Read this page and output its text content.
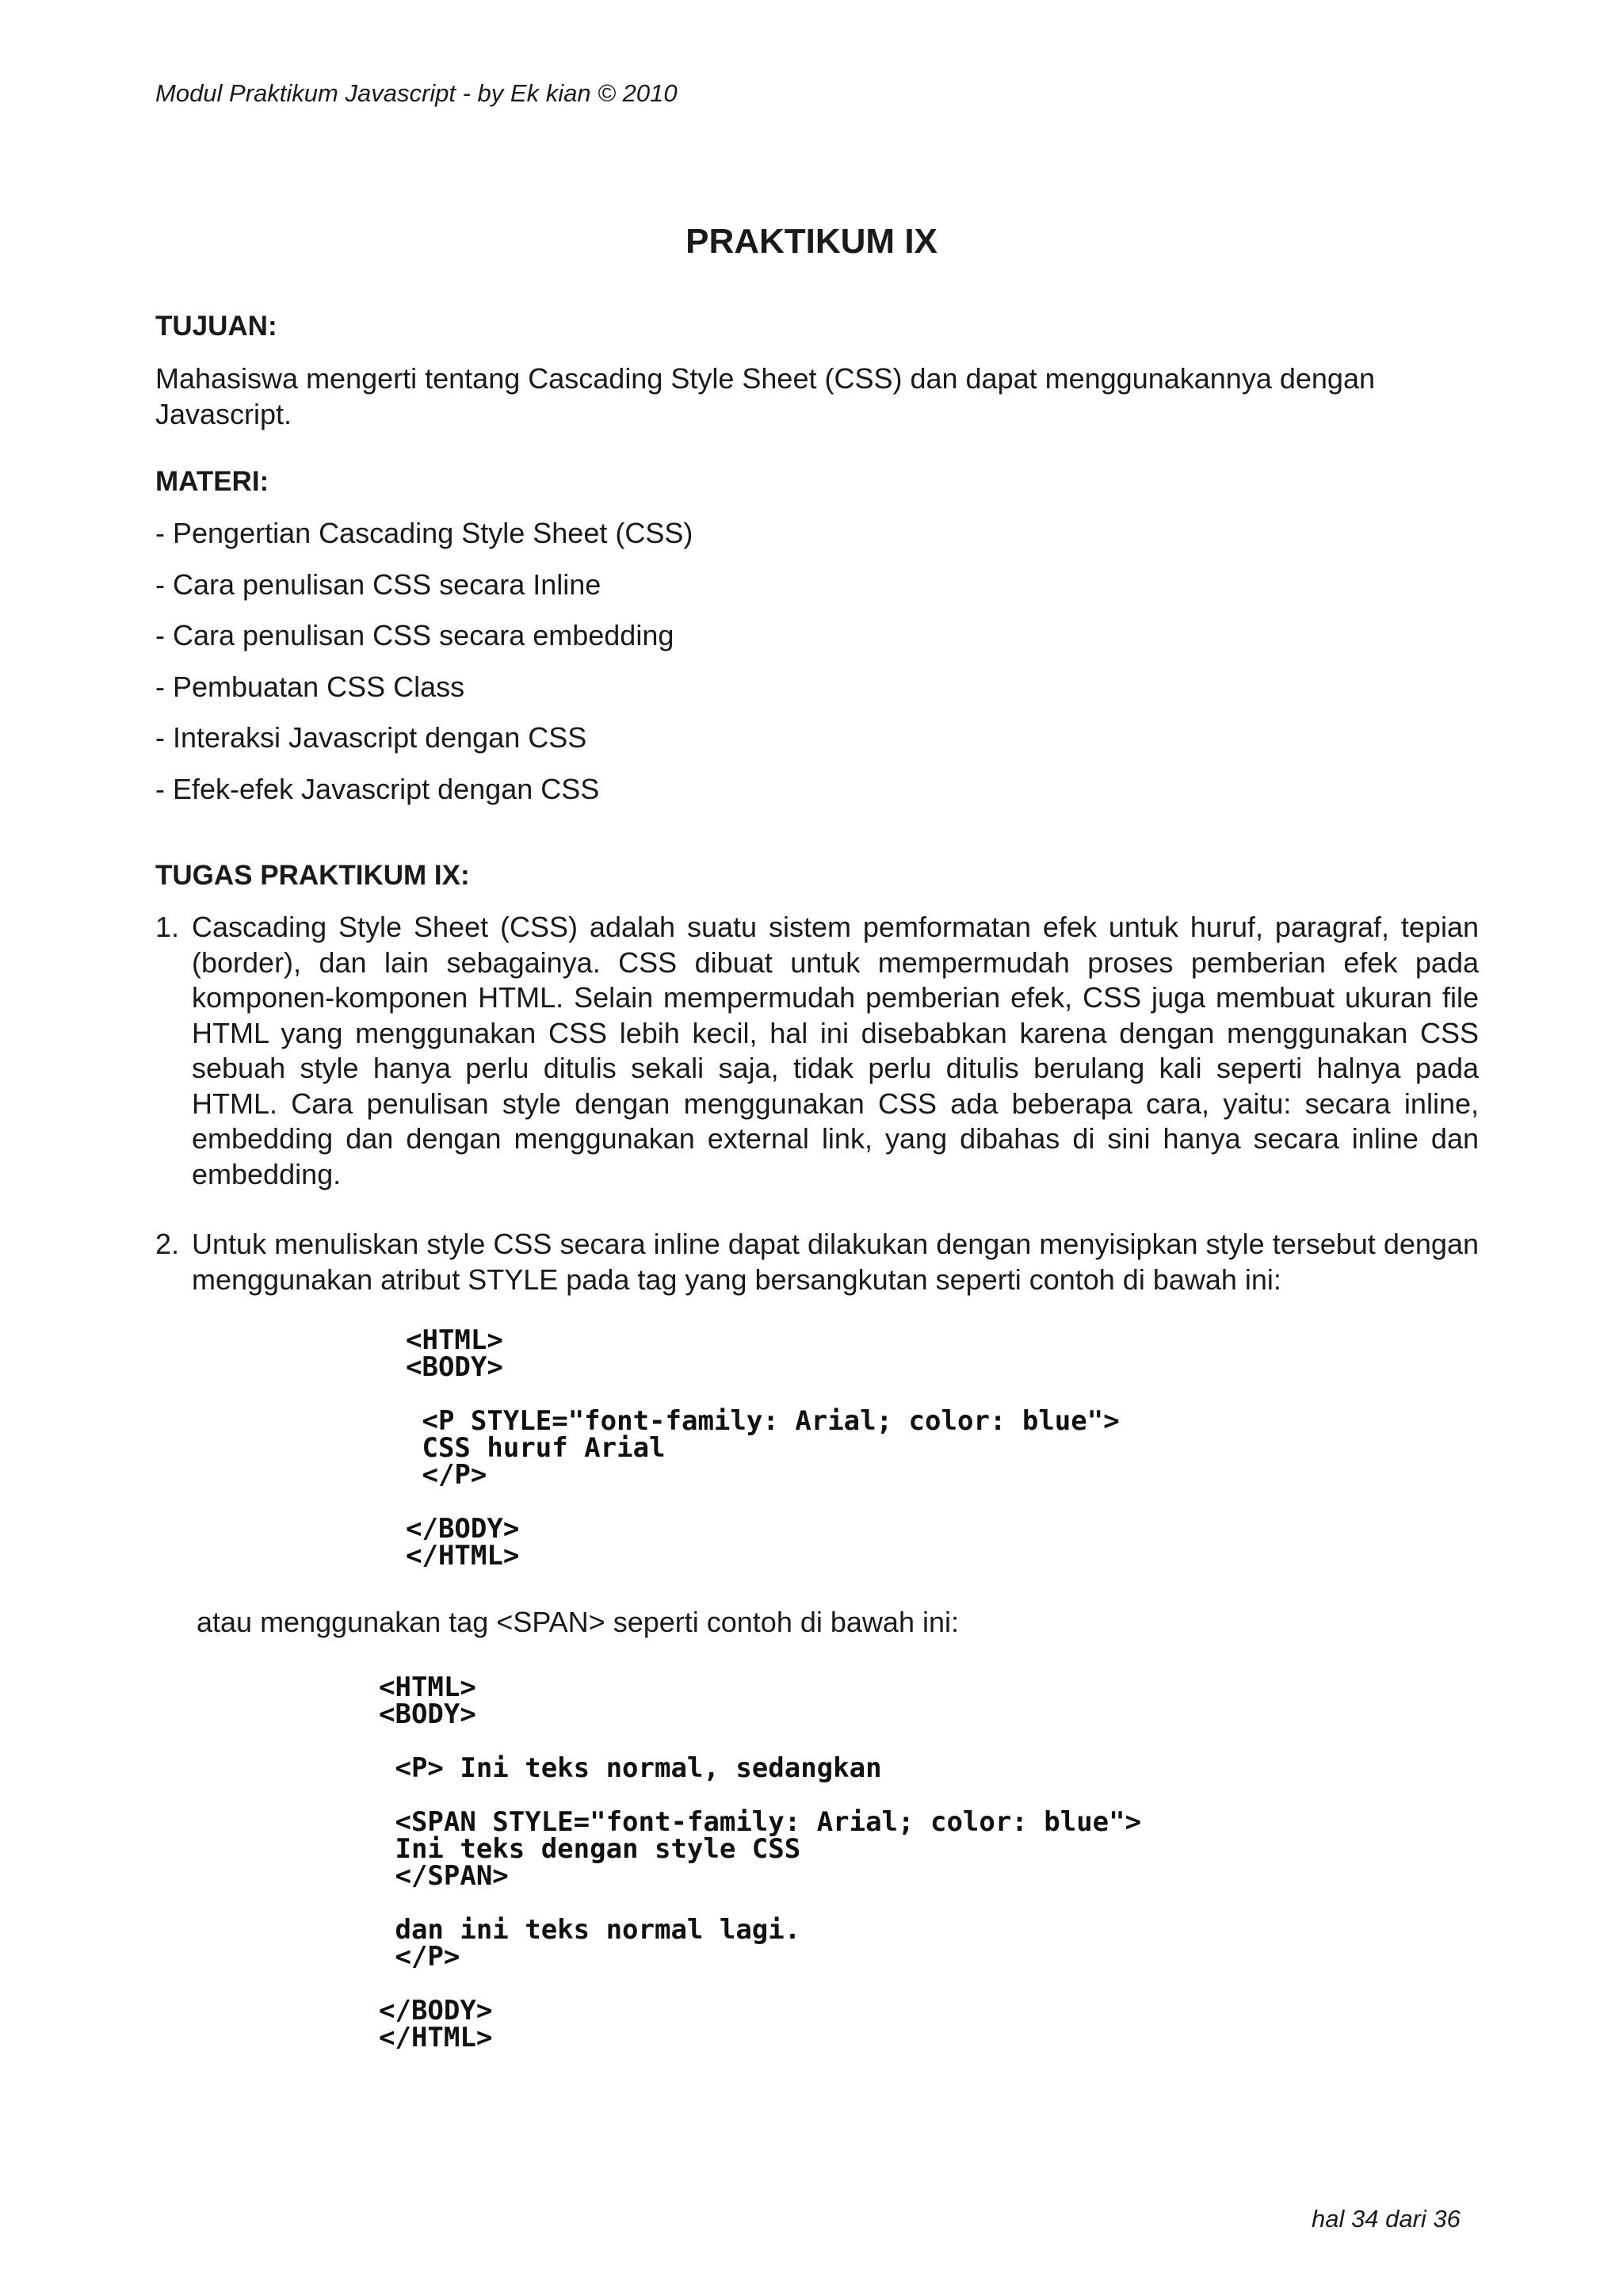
Modul Praktikum Javascript - by Ek kian © 2010
PRAKTIKUM IX
TUJUAN:
Mahasiswa mengerti tentang Cascading Style Sheet (CSS) dan dapat menggunakannya dengan Javascript.
MATERI:
- Pengertian Cascading Style Sheet (CSS)
- Cara penulisan CSS secara Inline
- Cara penulisan CSS secara embedding
- Pembuatan CSS Class
- Interaksi Javascript dengan CSS
- Efek-efek Javascript dengan CSS
TUGAS PRAKTIKUM IX:
1. Cascading Style Sheet (CSS) adalah suatu sistem pemformatan efek untuk huruf, paragraf, tepian (border), dan lain sebagainya. CSS dibuat untuk mempermudah proses pemberian efek pada komponen-komponen HTML. Selain mempermudah pemberian efek, CSS juga membuat ukuran file HTML yang menggunakan CSS lebih kecil, hal ini disebabkan karena dengan menggunakan CSS sebuah style hanya perlu ditulis sekali saja, tidak perlu ditulis berulang kali seperti halnya pada HTML. Cara penulisan style dengan menggunakan CSS ada beberapa cara, yaitu: secara inline, embedding dan dengan menggunakan external link, yang dibahas di sini hanya secara inline dan embedding.
2. Untuk menuliskan style CSS secara inline dapat dilakukan dengan menyisipkan style tersebut dengan menggunakan atribut STYLE pada tag yang bersangkutan seperti contoh di bawah ini:
<HTML>
<BODY>
<P STYLE="font-family: Arial; color: blue">
CSS huruf Arial
</P>
</BODY>
</HTML>
atau menggunakan tag <SPAN> seperti contoh di bawah ini:
<HTML>
<BODY>
<P> Ini teks normal, sedangkan
<SPAN STYLE="font-family: Arial; color: blue">
Ini teks dengan style CSS
</SPAN>
dan ini teks normal lagi.
</P>
</BODY>
</HTML>
hal 34 dari 36
